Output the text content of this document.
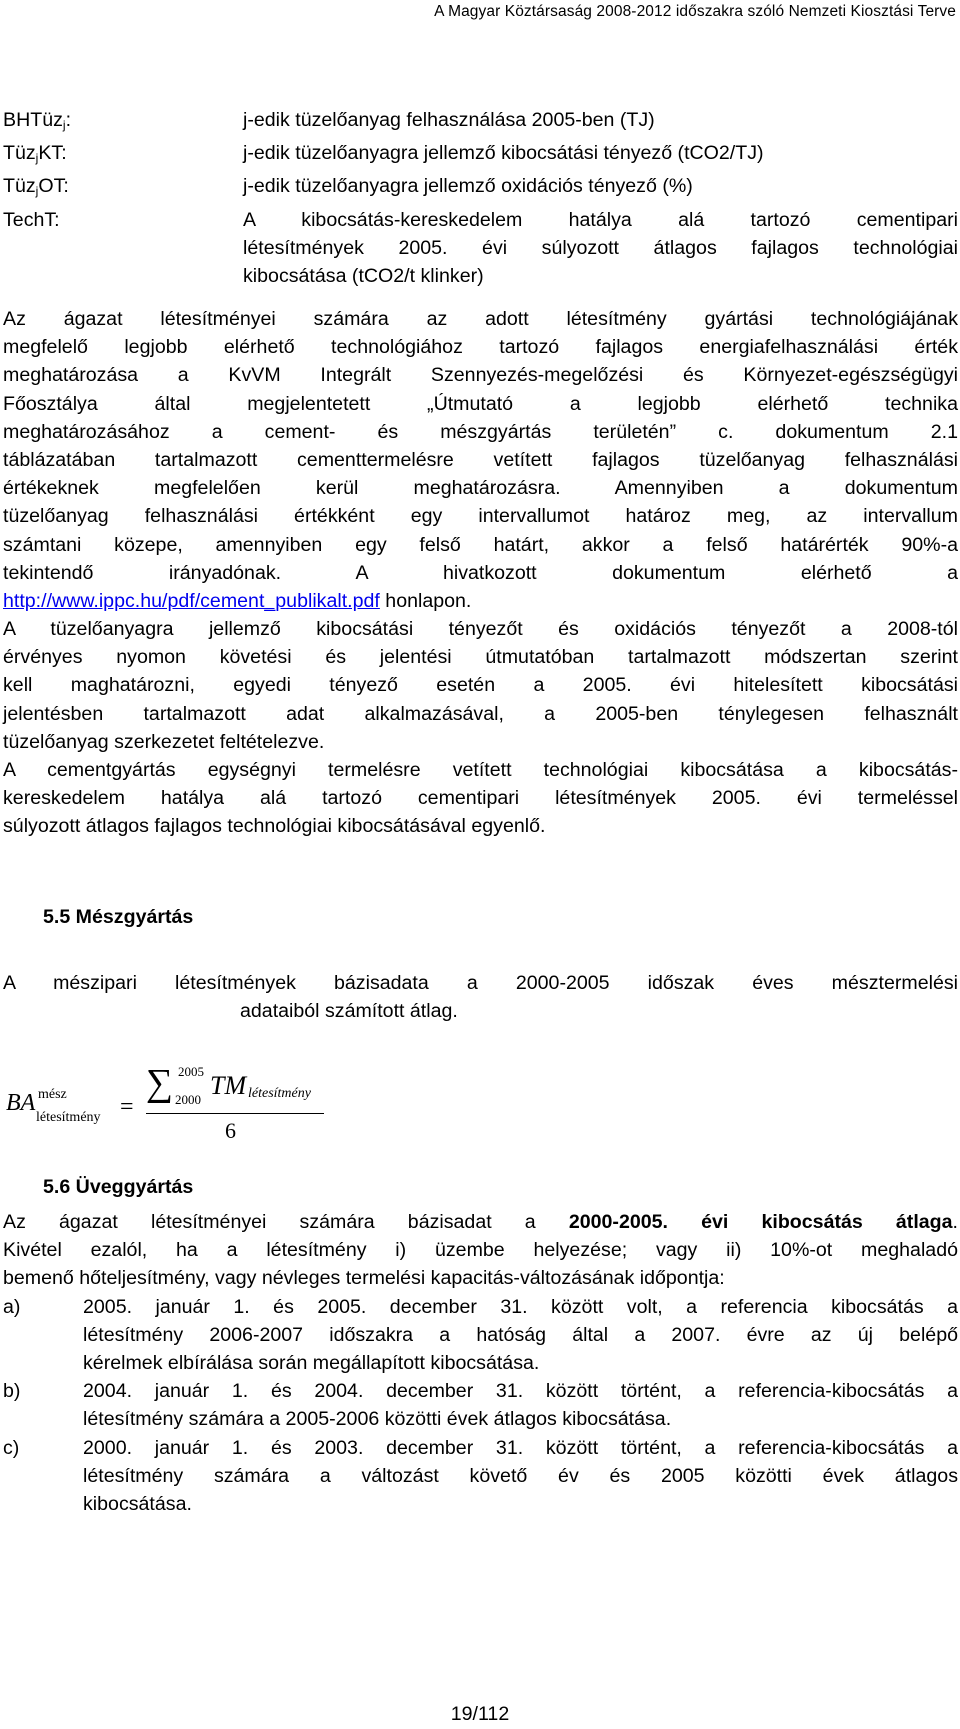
A Magyar Köztársaság 2008-2012 időszakra szóló Nemzeti Kiosztási Terve
BHTüz$_j$:	j-edik tüzelőanyag felhasználása 2005-ben (TJ)
Tüz$_j$KT:	j-edik tüzelőanyagra jellemző kibocsátási tényező (tCO2/TJ)
Tüz$_j$OT:	j-edik tüzelőanyagra jellemző oxidációs tényező (%)
TechT:	A kibocsátás-kereskedelem hatálya alá tartozó cementipari
létesítmények 2005. évi súlyozott átlagos fajlagos technológiai
kibocsátása (tCO2/t klinker)
Az ágazat létesítményei számára az adott létesítmény gyártási technológiájának
megfelelő legjobb elérhető technológiához tartozó fajlagos energiafelhasználási érték
meghatározása a KvVM Integrált Szennyezés-megelőzési és Környezet-egészségügyi
Főosztálya által megjelentetett „Útmutató a legjobb elérhető technika
meghatározásához a cement- és mészgyártás területén” c. dokumentum 2.1
táblázatában tartalmazott cementtermelésre vetített fajlagos tüzelőanyag felhasználási
értékeknek megfelelően kerül meghatározásra. Amennyiben a dokumentum
tüzelőanyag felhasználási értékként egy intervallumot határoz meg, az intervallum
számtani közepe, amennyiben egy felső határt, akkor a felső határérték 90%-a
tekintendő irányadónak. A hivatkozott dokumentum elérhető a
http://www.ippc.hu/pdf/cement_publikalt.pdf honlapon.
A tüzelőanyagra jellemző kibocsátási tényezőt és oxidációs tényezőt a 2008-tól
érvényes nyomon követési és jelentési útmutatóban tartalmazott módszertan szerint
kell maghatározni, egyedi tényező esetén a 2005. évi hitelesített kibocsátási
jelentésben tartalmazott adat alkalmazásával, a 2005-ben ténylegesen felhasznált
tüzelőanyag szerkezetet feltételezve.
A cementgyártás egységnyi termelésre vetített technológiai kibocsátása a kibocsátás-
kereskedelem hatálya alá tartozó cementipari létesítmények 2005. évi termeléssel
súlyozott átlagos fajlagos technológiai kibocsátásával egyenlő.
5.5 Mészgyártás
A mészipari létesítmények bázisadata a 2000-2005 időszak éves mésztermelési
adataiból számított átlag.
BA mész
létesítmény =
∑ 2005
2000 TM létesítmény
6
5.6 Üveggyártás
Az ágazat létesítményei számára bázisadat a 2000-2005. évi kibocsátás átlaga.
Kivétel ezalól, ha a létesítmény i) üzembe helyezése; vagy ii) 10%-ot meghaladó
bemenő hőteljesítmény, vagy névleges termelési kapacitás-változásának időpontja:
a)	2005. január 1. és 2005. december 31. között volt, a referencia kibocsátás a
létesítmény 2006-2007 időszakra a hatóság által a 2007. évre az új belépő
kérelmek elbírálása során megállapított kibocsátása.
b)	2004. január 1. és 2004. december 31. között történt, a referencia-kibocsátás a
létesítmény számára a 2005-2006 közötti évek átlagos kibocsátása.
c)	2000. január 1. és 2003. december 31. között történt, a referencia-kibocsátás a
létesítmény számára a változást követő év és 2005 közötti évek átlagos
kibocsátása.
19/112
